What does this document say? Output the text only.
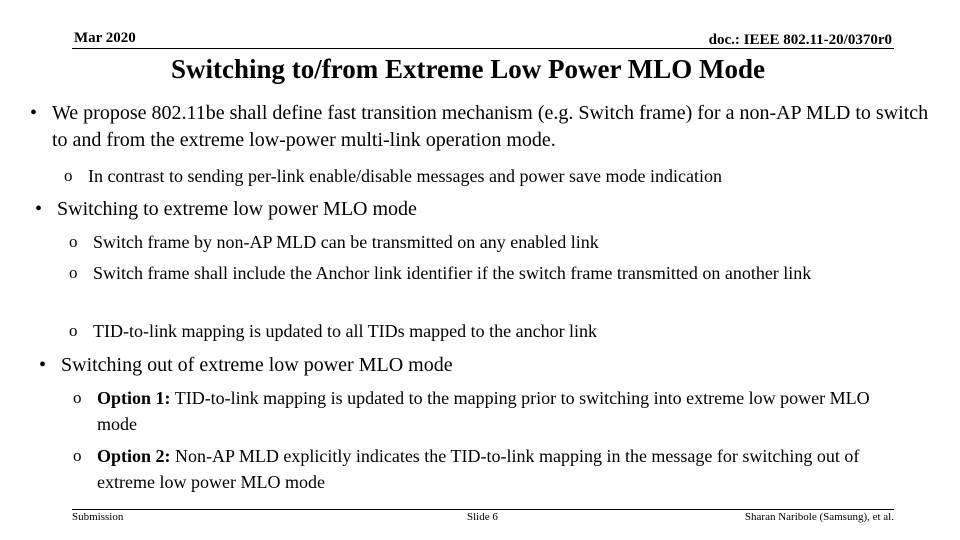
Mar 2020	doc.: IEEE 802.11-20/0370r0
Switching to/from Extreme Low Power MLO Mode
• We propose 802.11be shall define fast transition mechanism (e.g. Switch frame) for a non-AP MLD to switch to and from the extreme low-power multi-link operation mode.
o In contrast to sending per-link enable/disable messages and power save mode indication
• Switching to extreme low power MLO mode
o Switch frame by non-AP MLD can be transmitted on any enabled link
o Switch frame shall include the Anchor link identifier if the switch frame transmitted on another link
o TID-to-link mapping is updated to all TIDs mapped to the anchor link
• Switching out of extreme low power MLO mode
o Option 1: TID-to-link mapping is updated to the mapping prior to switching into extreme low power MLO mode
o Option 2: Non-AP MLD explicitly indicates the TID-to-link mapping in the message for switching out of extreme low power MLO mode
Submission	Slide 6	Sharan Naribole (Samsung), et al.
